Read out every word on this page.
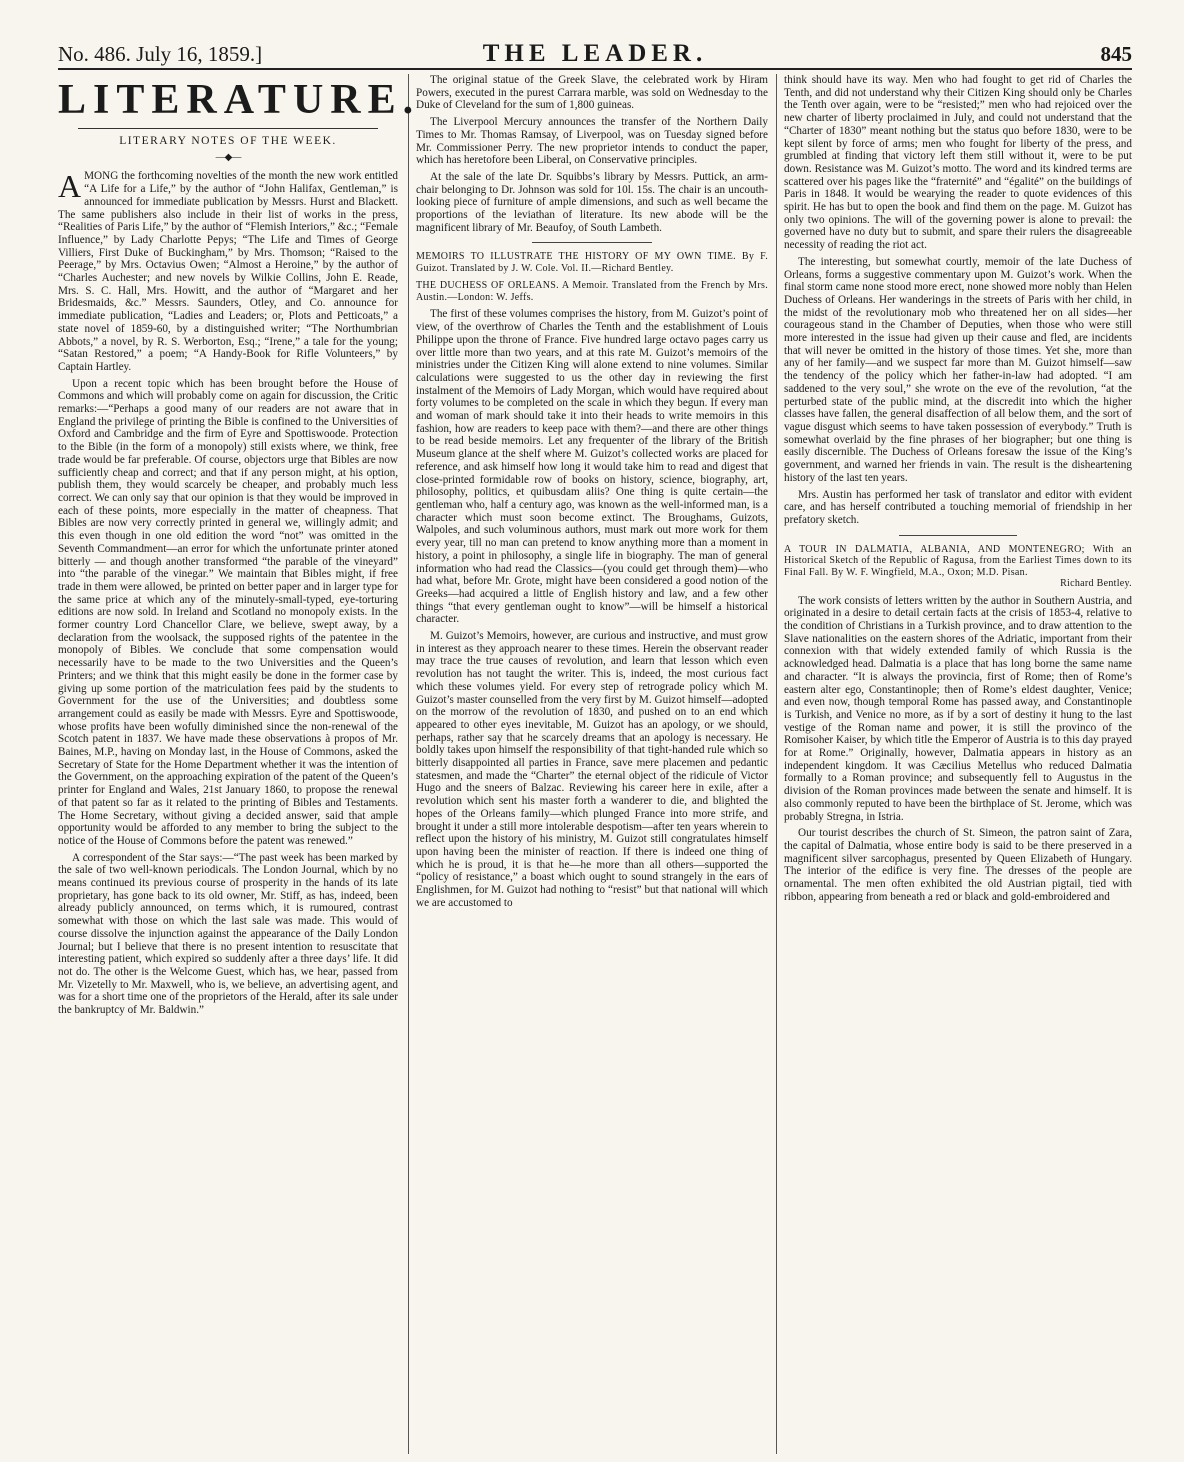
No. 486. July 16, 1859.]	THE LEADER.	845
LITERATURE.
LITERARY NOTES OF THE WEEK.
—◆—

AMONG the forthcoming novelties of the month the new work entitled “A Life for a Life,” by the author of “John Halifax, Gentleman,” is announced for immediate publication by Messrs. Hurst and Blackett. The same publishers also include in their list of works in the press, “Realities of Paris Life,” by the author of “Flemish Interiors,” &c.; “Female Influence,” by Lady Charlotte Pepys; “The Life and Times of George Villiers, First Duke of Buckingham,” by Mrs. Thomson; “Raised to the Peerage,” by Mrs. Octavius Owen; “Almost a Heroine,” by the author of “Charles Auchester; and new novels by Wilkie Collins, John E. Reade, Mrs. S. C. Hall, Mrs. Howitt, and the author of “Margaret and her Bridesmaids, &c.” Messrs. Saunders, Otley, and Co. announce for immediate publication, “Ladies and Leaders; or, Plots and Petticoats,” a state novel of 1859-60, by a distinguished writer; “The Northumbrian Abbots,” a novel, by R. S. Werborton, Esq.; “Irene,” a tale for the young; “Satan Restored,” a poem; “A Handy-Book for Rifle Volunteers,” by Captain Hartley.

Upon a recent topic which has been brought before the House of Commons and which will probably come on again for discussion, the Critic remarks:—“Perhaps a good many of our readers are not aware that in England the privilege of printing the Bible is confined to the Universities of Oxford and Cambridge and the firm of Eyre and Spottiswoode. Protection to the Bible (in the form of a monopoly) still exists where, we think, free trade would be far preferable. Of course, objectors urge that Bibles are now sufficiently cheap and correct; and that if any person might, at his option, publish them, they would scarcely be cheaper, and probably much less correct. We can only say that our opinion is that they would be improved in each of these points, more especially in the matter of cheapness. That Bibles are now very correctly printed in general we, willingly admit; and this even though in one old edition the word “not” was omitted in the Seventh Commandment—an error for which the unfortunate printer atoned bitterly — and though another transformed “the parable of the vineyard” into “the parable of the vinegar.” We maintain that Bibles might, if free trade in them were allowed, be printed on better paper and in larger type for the same price at which any of the minutely-small-typed, eye-torturing editions are now sold. In Ireland and Scotland no monopoly exists. In the former country Lord Chancellor Clare, we believe, swept away, by a declaration from the woolsack, the supposed rights of the patentee in the monopoly of Bibles. We conclude that some compensation would necessarily have to be made to the two Universities and the Queen’s Printers; and we think that this might easily be done in the former case by giving up some portion of the matriculation fees paid by the students to Government for the use of the Universities; and doubtless some arrangement could as easily be made with Messrs. Eyre and Spottiswoode, whose profits have been wofully diminished since the non-renewal of the Scotch patent in 1837. We have made these observations à propos of Mr. Baines, M.P., having on Monday last, in the House of Commons, asked the Secretary of State for the Home Department whether it was the intention of the Government, on the approaching expiration of the patent of the Queen’s printer for England and Wales, 21st January 1860, to propose the renewal of that patent so far as it related to the printing of Bibles and Testaments. The Home Secretary, without giving a decided answer, said that ample opportunity would be afforded to any member to bring the subject to the notice of the House of Commons before the patent was renewed.”

A correspondent of the Star says:—“The past week has been marked by the sale of two well-known periodicals. The London Journal, which by no means continued its previous course of prosperity in the hands of its late proprietary, has gone back to its old owner, Mr. Stiff, as has, indeed, been already publicly announced, on terms which, it is rumoured, contrast somewhat with those on which the last sale was made. This would of course dissolve the injunction against the appearance of the Daily London Journal; but I believe that there is no present intention to resuscitate that interesting patient, which expired so suddenly after a three days’ life. It did not do. The other is the Welcome Guest, which has, we hear, passed from Mr. Vizetelly to Mr. Maxwell, who is, we believe, an advertising agent, and was for a short time one of the proprietors of the Herald, after its sale under the bankruptcy of Mr. Baldwin.”

The original statue of the Greek Slave, the celebrated work by Hiram Powers, executed in the purest Carrara marble, was sold on Wednesday to the Duke of Cleveland for the sum of 1,800 guineas.

The Liverpool Mercury announces the transfer of the Northern Daily Times to Mr. Thomas Ramsay, of Liverpool, was on Tuesday signed before Mr. Commissioner Perry. The new proprietor intends to conduct the paper, which has heretofore been Liberal, on Conservative principles.

At the sale of the late Dr. Squibbs’s library by Messrs. Puttick, an arm-chair belonging to Dr. Johnson was sold for 10l. 15s. The chair is an uncouth-looking piece of furniture of ample dimensions, and such as well became the proportions of the leviathan of literature. Its new abode will be the magnificent library of Mr. Beaufoy, of South Lambeth.

MEMOIRS TO ILLUSTRATE THE HISTORY OF MY OWN TIME. By F. Guizot. Translated by J. W. Cole. Vol. II.—Richard Bentley.
THE DUCHESS OF ORLEANS. A Memoir. Translated from the French by Mrs. Austin.—London: W. Jeffs.

The first of these volumes comprises the history, from M. Guizot’s point of view, of the overthrow of Charles the Tenth and the establishment of Louis Philippe upon the throne of France. Five hundred large octavo pages carry us over little more than two years, and at this rate M. Guizot’s memoirs of the ministries under the Citizen King will alone extend to nine volumes. Similar calculations were suggested to us the other day in reviewing the first instalment of the Memoirs of Lady Morgan, which would have required about forty volumes to be completed on the scale in which they begun. If every man and woman of mark should take it into their heads to write memoirs in this fashion, how are readers to keep pace with them?—and there are other things to be read beside memoirs. Let any frequenter of the library of the British Museum glance at the shelf where M. Guizot’s collected works are placed for reference, and ask himself how long it would take him to read and digest that close-printed formidable row of books on history, science, biography, art, philosophy, politics, et quibusdam aliis? One thing is quite certain—the gentleman who, half a century ago, was known as the well-informed man, is a character which must soon become extinct. The Broughams, Guizots, Walpoles, and such voluminous authors, must mark out more work for them every year, till no man can pretend to know anything more than a moment in history, a point in philosophy, a single life in biography. The man of general information who had read the Classics—(you could get through them)—who had what, before Mr. Grote, might have been considered a good notion of the Greeks—had acquired a little of English history and law, and a few other things “that every gentleman ought to know”—will be himself a historical character.

M. Guizot’s Memoirs, however, are curious and instructive, and must grow in interest as they approach nearer to these times. Herein the observant reader may trace the true causes of revolution, and learn that lesson which even revolution has not taught the writer. This is, indeed, the most curious fact which these volumes yield. For every step of retrograde policy which M. Guizot’s master counselled from the very first by M. Guizot himself—adopted on the morrow of the revolution of 1830, and pushed on to an end which appeared to other eyes inevitable, M. Guizot has an apology, or we should, perhaps, rather say that he scarcely dreams that an apology is necessary. He boldly takes upon himself the responsibility of that tight-handed rule which so bitterly disappointed all parties in France, save mere placemen and pedantic statesmen, and made the “Charter” the eternal object of the ridicule of Victor Hugo and the sneers of Balzac. Reviewing his career here in exile, after a revolution which sent his master forth a wanderer to die, and blighted the hopes of the Orleans family—which plunged France into more strife, and brought it under a still more intolerable despotism—after ten years wherein to reflect upon the history of his ministry, M. Guizot still congratulates himself upon having been the minister of reaction. If there is indeed one thing of which he is proud, it is that he—he more than all others—supported the “policy of resistance,” a boast which ought to sound strangely in the ears of Englishmen, for M. Guizot had nothing to “resist” but that national will which we are accustomed to

think should have its way. Men who had fought to get rid of Charles the Tenth, and did not understand why their Citizen King should only be Charles the Tenth over again, were to be “resisted;” men who had rejoiced over the new charter of liberty proclaimed in July, and could not understand that the “Charter of 1830” meant nothing but the status quo before 1830, were to be kept silent by force of arms; men who fought for liberty of the press, and grumbled at finding that victory left them still without it, were to be put down. Resistance was M. Guizot’s motto. The word and its kindred terms are scattered over his pages like the “fraternité” and “égalité” on the buildings of Paris in 1848. It would be wearying the reader to quote evidences of this spirit. He has but to open the book and find them on the page. M. Guizot has only two opinions. The will of the governing power is alone to prevail: the governed have no duty but to submit, and spare their rulers the disagreeable necessity of reading the riot act.

The interesting, but somewhat courtly, memoir of the late Duchess of Orleans, forms a suggestive commentary upon M. Guizot’s work. When the final storm came none stood more erect, none showed more nobly than Helen Duchess of Orleans. Her wanderings in the streets of Paris with her child, in the midst of the revolutionary mob who threatened her on all sides—her courageous stand in the Chamber of Deputies, when those who were still more interested in the issue had given up their cause and fled, are incidents that will never be omitted in the history of those times. Yet she, more than any of her family—and we suspect far more than M. Guizot himself—saw the tendency of the policy which her father-in-law had adopted. “I am saddened to the very soul,” she wrote on the eve of the revolution, “at the perturbed state of the public mind, at the discredit into which the higher classes have fallen, the general disaffection of all below them, and the sort of vague disgust which seems to have taken possession of everybody.” Truth is somewhat overlaid by the fine phrases of her biographer; but one thing is easily discernible. The Duchess of Orleans foresaw the issue of the King’s government, and warned her friends in vain. The result is the disheartening history of the last ten years.

Mrs. Austin has performed her task of translator and editor with evident care, and has herself contributed a touching memorial of friendship in her prefatory sketch.

A TOUR IN DALMATIA, ALBANIA, AND MONTENEGRO; With an Historical Sketch of the Republic of Ragusa, from the Earliest Times down to its Final Fall. By W. F. Wingfield, M.A., Oxon; M.D. Pisan.
Richard Bentley.

The work consists of letters written by the author in Southern Austria, and originated in a desire to detail certain facts at the crisis of 1853-4, relative to the condition of Christians in a Turkish province, and to draw attention to the Slave nationalities on the eastern shores of the Adriatic, important from their connexion with that widely extended family of which Russia is the acknowledged head. Dalmatia is a place that has long borne the same name and character. “It is always the provincia, first of Rome; then of Rome’s eastern alter ego, Constantinople; then of Rome’s eldest daughter, Venice; and even now, though temporal Rome has passed away, and Constantinople is Turkish, and Venice no more, as if by a sort of destiny it hung to the last vestige of the Roman name and power, it is still the provinco of the Romisoher Kaiser, by which title the Emperor of Austria is to this day prayed for at Rome.” Originally, however, Dalmatia appears in history as an independent kingdom. It was Cæcilius Metellus who reduced Dalmatia formally to a Roman province; and subsequently fell to Augustus in the division of the Roman provinces made between the senate and himself. It is also commonly reputed to have been the birthplace of St. Jerome, which was probably Stregna, in Istria.

Our tourist describes the church of St. Simeon, the patron saint of Zara, the capital of Dalmatia, whose entire body is said to be there preserved in a magnificent silver sarcophagus, presented by Queen Elizabeth of Hungary. The interior of the edifice is very fine. The dresses of the people are ornamental. The men often exhibited the old Austrian pigtail, tied with ribbon, appearing from beneath a red or black and gold-embroidered and
